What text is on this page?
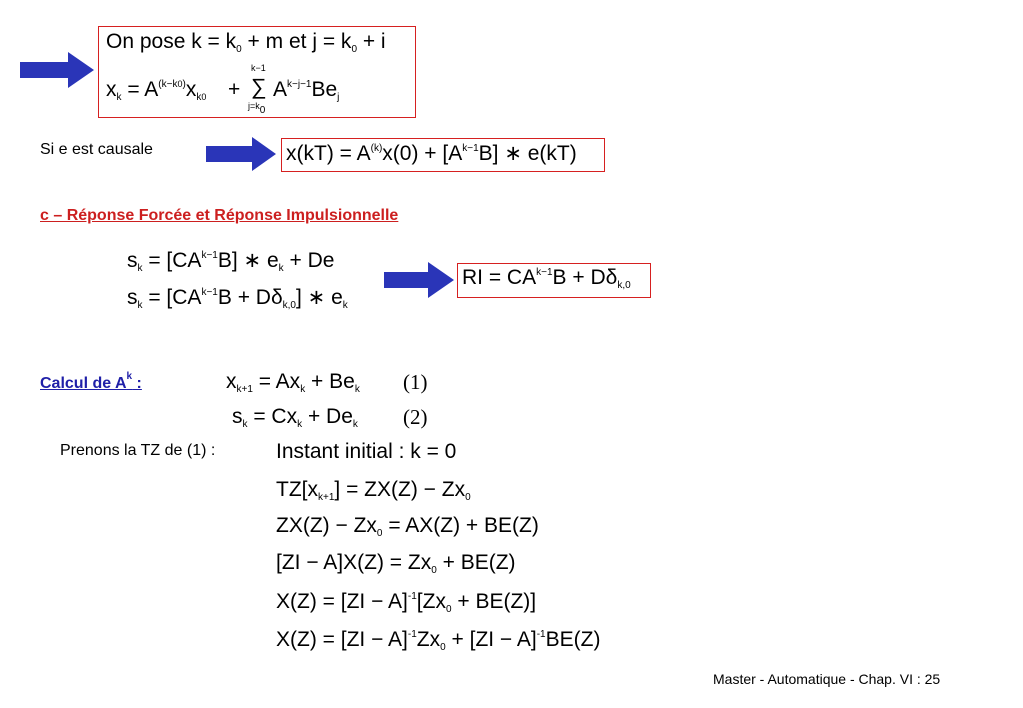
On pose $k = k_0 + m$ et $j = k_0 + i$
$x_k = A^{(k-k0)}x_{k0}$ +
k−1
∑
$j=k_0$
$A^{k-j-1}Be_j$
Si e est causale	$x(kT) = A^{(k)}x(0) + [A^{k-1}B]$ ∗ e(kT)
c – Réponse Forcée et Réponse Impulsionnelle
$s_k = [CA^{k-1}B]$ ∗ $e_k + De$
$s_k = [CA^{k-1}B + D\delta_{k,0}]$ ∗ $e_k$
RI = $CA^{k-1}B + D\delta_{k,0}$
Calcul de $A^k$ :	$x_{k+1} = Ax_k + Be_k$ (1)
$s_k = Cx_k + De_k$ (2)
Prenons la TZ de (1) :	Instant initial : k = 0
$TZ[x_{k+1}] = ZX(Z) - Zx_0$
$ZX(Z) - Zx_0 = AX(Z) + BE(Z)$
$[ZI - A]X(Z) = Zx_0 + BE(Z)$
$X(Z) = [ZI - A]^{-1}[Zx_0 + BE(Z)]$
$X(Z) = [ZI - A]^{-1}Zx_0 + [ZI - A]^{-1}BE(Z)$
Master - Automatique - Chap. VI : 25
